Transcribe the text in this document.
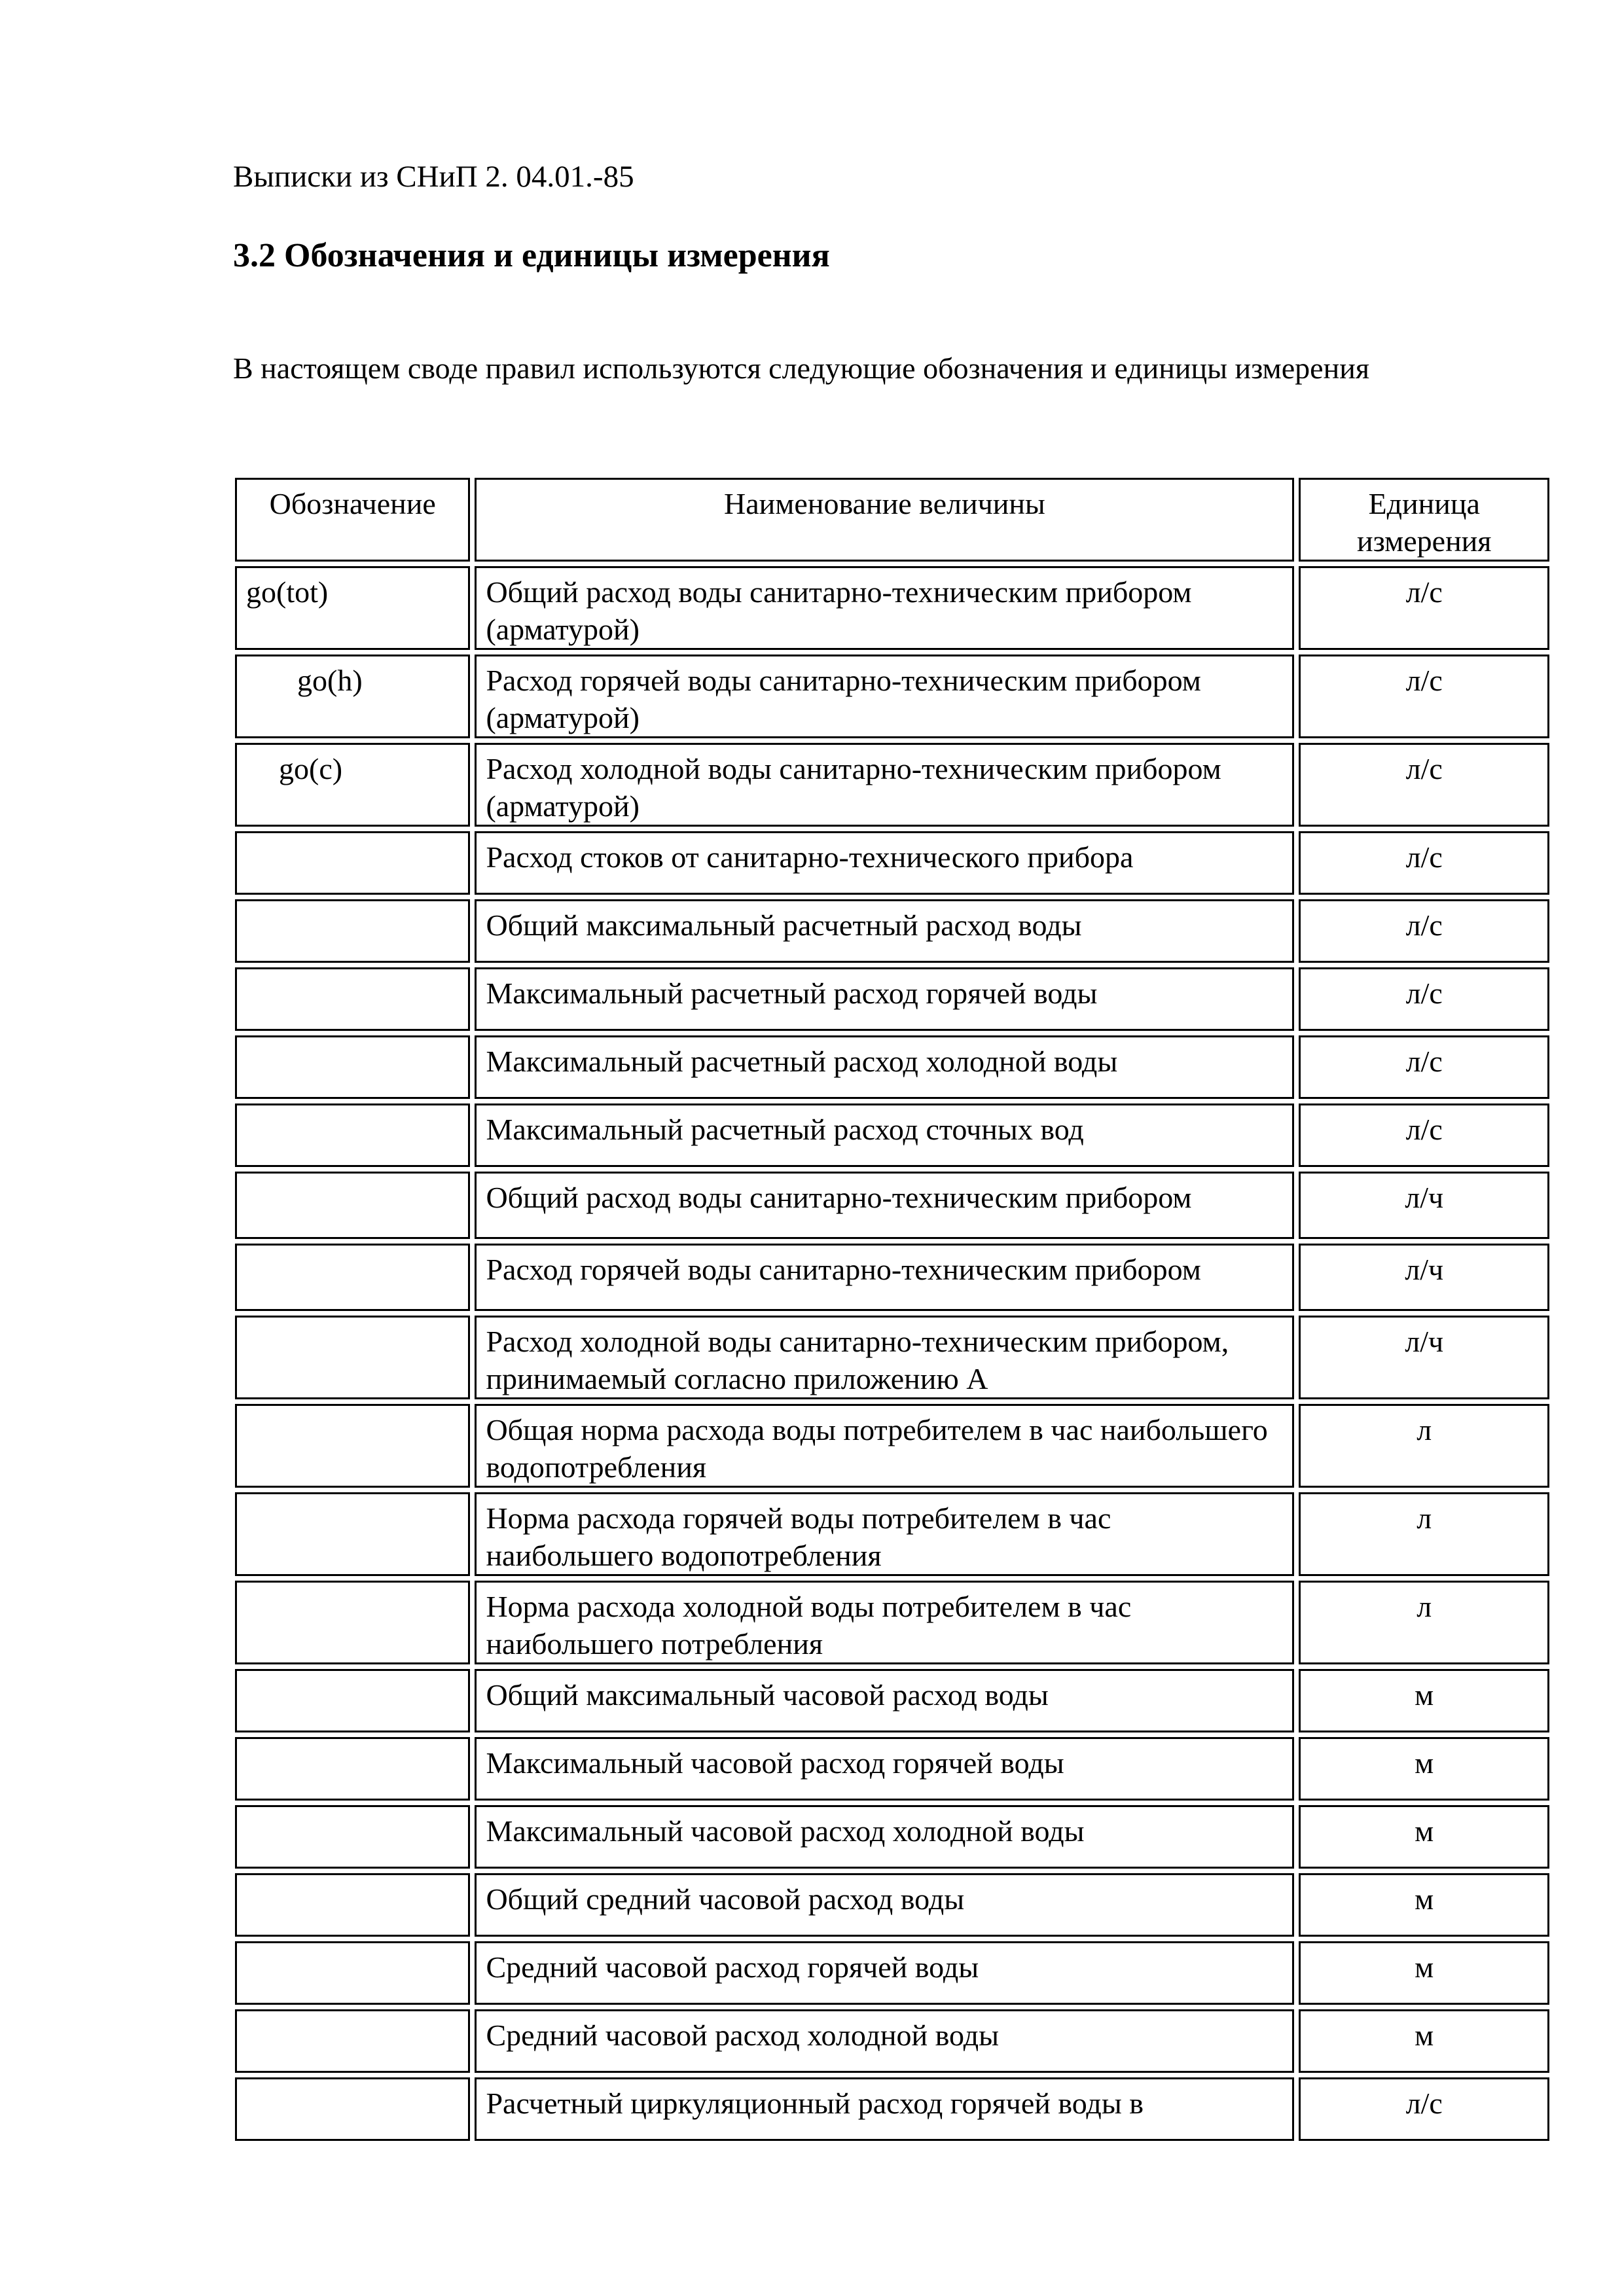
Выписки из СНиП 2. 04.01.-85
3.2 Обозначения и единицы измерения
В настоящем своде правил используются следующие обозначения и единицы измерения
Обозначение	Наименование величины	Единица
измерения

go(tot)	Общий расход воды санитарно-техническим прибором (арматурой)	л/с
go(h)	Расход горячей воды санитарно-техническим прибором (арматурой)	л/с
go(c)	Расход холодной воды санитарно-техническим прибором (арматурой)	л/с
	Расход стоков от санитарно-технического прибора	л/с
	Общий максимальный расчетный расход воды	л/с
	Максимальный расчетный расход горячей воды	л/с
	Максимальный расчетный расход холодной воды	л/с
	Максимальный расчетный расход сточных вод	л/с
	Общий расход воды санитарно-техническим прибором	л/ч
	Расход горячей воды санитарно-техническим прибором	л/ч
	Расход холодной воды санитарно-техническим прибором, принимаемый согласно приложению А	л/ч
	Общая норма расхода воды потребителем в час наибольшего водопотребления	л
	Норма расхода горячей воды потребителем в час наибольшего водопотребления	л
	Норма расхода холодной воды потребителем в час наибольшего потребления	л
	Общий максимальный часовой расход воды	м
	Максимальный часовой расход горячей воды	м
	Максимальный часовой расход холодной воды	м
	Общий средний часовой расход воды	м
	Средний часовой расход горячей воды	м
	Средний часовой расход холодной воды	м
	Расчетный циркуляционный расход горячей воды в	л/с
